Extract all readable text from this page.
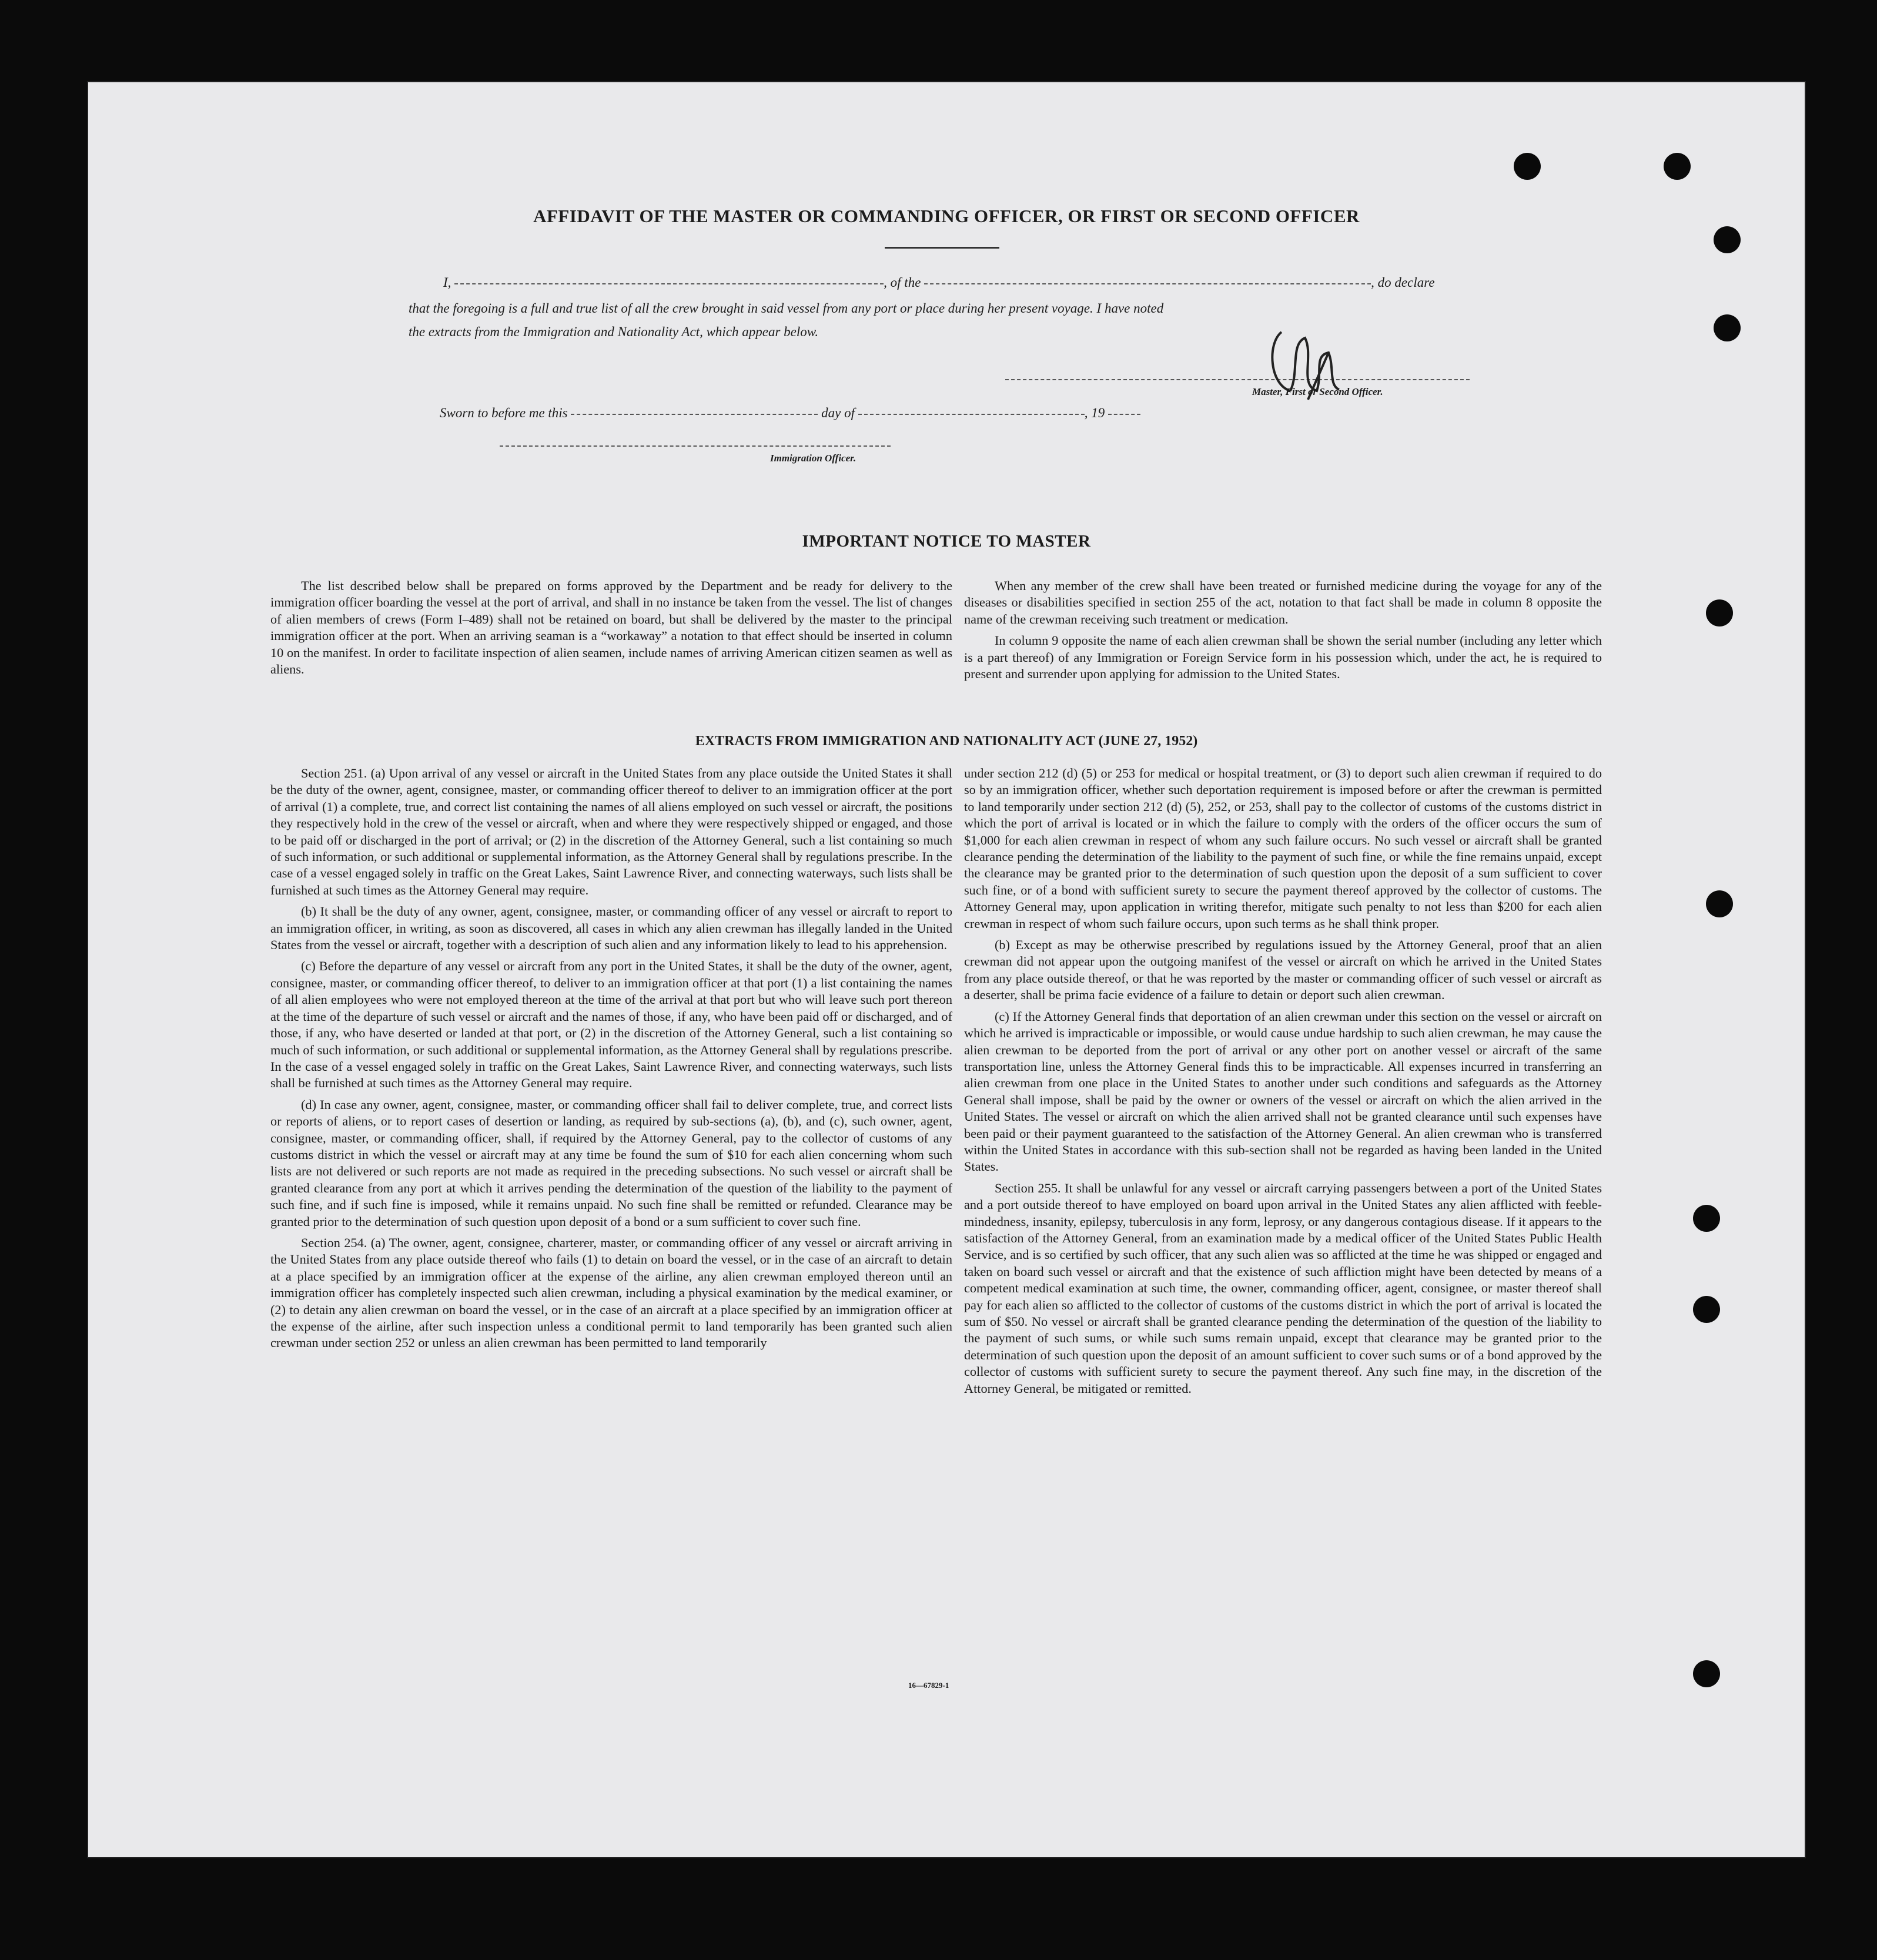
AFFIDAVIT OF THE MASTER OR COMMANDING OFFICER, OR FIRST OR SECOND OFFICER
I,	, of the	, do declare
that the foregoing is a full and true list of all the crew brought in said vessel from any port or place during her present voyage. I have noted
the extracts from the Immigration and Nationality Act, which appear below.
Master, First or Second Officer.
Sworn to before me this	day of	, 19
Immigration Officer.
IMPORTANT NOTICE TO MASTER

The list described below shall be prepared on forms approved by the Department and be ready for delivery to the immigration officer boarding the vessel at the port of arrival, and shall in no instance be taken from the vessel. The list of changes of alien members of crews (Form I–489) shall not be retained on board, but shall be delivered by the master to the principal immigration officer at the port. When an arriving seaman is a “workaway” a notation to that effect should be inserted in column 10 on the manifest. In order to facilitate inspection of alien seamen, include names of arriving American citizen seamen as well as aliens.

When any member of the crew shall have been treated or furnished medicine during the voyage for any of the diseases or disabilities specified in section 255 of the act, notation to that fact shall be made in column 8 opposite the name of the crewman receiving such treatment or medication.

In column 9 opposite the name of each alien crewman shall be shown the serial number (including any letter which is a part thereof) of any Immigration or Foreign Service form in his possession which, under the act, he is required to present and surrender upon applying for admission to the United States.

EXTRACTS FROM IMMIGRATION AND NATIONALITY ACT (JUNE 27, 1952)

Section 251. (a) Upon arrival of any vessel or aircraft in the United States from any place outside the United States it shall be the duty of the owner, agent, consignee, master, or commanding officer thereof to deliver to an immigration officer at the port of arrival (1) a complete, true, and correct list containing the names of all aliens employed on such vessel or aircraft, the positions they respectively hold in the crew of the vessel or aircraft, when and where they were respectively shipped or engaged, and those to be paid off or discharged in the port of arrival; or (2) in the discretion of the Attorney General, such a list containing so much of such information, or such additional or supplemental information, as the Attorney General shall by regulations prescribe. In the case of a vessel engaged solely in traffic on the Great Lakes, Saint Lawrence River, and connecting waterways, such lists shall be furnished at such times as the Attorney General may require.

(b) It shall be the duty of any owner, agent, consignee, master, or commanding officer of any vessel or aircraft to report to an immigration officer, in writing, as soon as discovered, all cases in which any alien crewman has illegally landed in the United States from the vessel or aircraft, together with a description of such alien and any information likely to lead to his apprehension.

(c) Before the departure of any vessel or aircraft from any port in the United States, it shall be the duty of the owner, agent, consignee, master, or commanding officer thereof, to deliver to an immigration officer at that port (1) a list containing the names of all alien employees who were not employed thereon at the time of the arrival at that port but who will leave such port thereon at the time of the departure of such vessel or aircraft and the names of those, if any, who have been paid off or discharged, and of those, if any, who have deserted or landed at that port, or (2) in the discretion of the Attorney General, such a list containing so much of such information, or such additional or supplemental information, as the Attorney General shall by regulations prescribe. In the case of a vessel engaged solely in traffic on the Great Lakes, Saint Lawrence River, and connecting waterways, such lists shall be furnished at such times as the Attorney General may require.

(d) In case any owner, agent, consignee, master, or commanding officer shall fail to deliver complete, true, and correct lists or reports of aliens, or to report cases of desertion or landing, as required by sub-sections (a), (b), and (c), such owner, agent, consignee, master, or commanding officer, shall, if required by the Attorney General, pay to the collector of customs of any customs district in which the vessel or aircraft may at any time be found the sum of $10 for each alien concerning whom such lists are not delivered or such reports are not made as required in the preceding subsections. No such vessel or aircraft shall be granted clearance from any port at which it arrives pending the determination of the question of the liability to the payment of such fine, and if such fine is imposed, while it remains unpaid. No such fine shall be remitted or refunded. Clearance may be granted prior to the determination of such question upon deposit of a bond or a sum sufficient to cover such fine.

Section 254. (a) The owner, agent, consignee, charterer, master, or commanding officer of any vessel or aircraft arriving in the United States from any place outside thereof who fails (1) to detain on board the vessel, or in the case of an aircraft to detain at a place specified by an immigration officer at the expense of the airline, any alien crewman employed thereon until an immigration officer has completely inspected such alien crewman, including a physical examination by the medical examiner, or (2) to detain any alien crewman on board the vessel, or in the case of an aircraft at a place specified by an immigration officer at the expense of the airline, after such inspection unless a conditional permit to land temporarily has been granted such alien crewman under section 252 or unless an alien crewman has been permitted to land temporarily

under section 212 (d) (5) or 253 for medical or hospital treatment, or (3) to deport such alien crewman if required to do so by an immigration officer, whether such deportation requirement is imposed before or after the crewman is permitted to land temporarily under section 212 (d) (5), 252, or 253, shall pay to the collector of customs of the customs district in which the port of arrival is located or in which the failure to comply with the orders of the officer occurs the sum of $1,000 for each alien crewman in respect of whom any such failure occurs. No such vessel or aircraft shall be granted clearance pending the determination of the liability to the payment of such fine, or while the fine remains unpaid, except the clearance may be granted prior to the determination of such question upon the deposit of a sum sufficient to cover such fine, or of a bond with sufficient surety to secure the payment thereof approved by the collector of customs. The Attorney General may, upon application in writing therefor, mitigate such penalty to not less than $200 for each alien crewman in respect of whom such failure occurs, upon such terms as he shall think proper.

(b) Except as may be otherwise prescribed by regulations issued by the Attorney General, proof that an alien crewman did not appear upon the outgoing manifest of the vessel or aircraft on which he arrived in the United States from any place outside thereof, or that he was reported by the master or commanding officer of such vessel or aircraft as a deserter, shall be prima facie evidence of a failure to detain or deport such alien crewman.

(c) If the Attorney General finds that deportation of an alien crewman under this section on the vessel or aircraft on which he arrived is impracticable or impossible, or would cause undue hardship to such alien crewman, he may cause the alien crewman to be deported from the port of arrival or any other port on another vessel or aircraft of the same transportation line, unless the Attorney General finds this to be impracticable. All expenses incurred in transferring an alien crewman from one place in the United States to another under such conditions and safeguards as the Attorney General shall impose, shall be paid by the owner or owners of the vessel or aircraft on which the alien arrived in the United States. The vessel or aircraft on which the alien arrived shall not be granted clearance until such expenses have been paid or their payment guaranteed to the satisfaction of the Attorney General. An alien crewman who is transferred within the United States in accordance with this sub-section shall not be regarded as having been landed in the United States.

Section 255. It shall be unlawful for any vessel or aircraft carrying passengers between a port of the United States and a port outside thereof to have employed on board upon arrival in the United States any alien afflicted with feeble-mindedness, insanity, epilepsy, tuberculosis in any form, leprosy, or any dangerous contagious disease. If it appears to the satisfaction of the Attorney General, from an examination made by a medical officer of the United States Public Health Service, and is so certified by such officer, that any such alien was so afflicted at the time he was shipped or engaged and taken on board such vessel or aircraft and that the existence of such affliction might have been detected by means of a competent medical examination at such time, the owner, commanding officer, agent, consignee, or master thereof shall pay for each alien so afflicted to the collector of customs of the customs district in which the port of arrival is located the sum of $50. No vessel or aircraft shall be granted clearance pending the determination of the question of the liability to the payment of such sums, or while such sums remain unpaid, except that clearance may be granted prior to the determination of such question upon the deposit of an amount sufficient to cover such sums or of a bond approved by the collector of customs with sufficient surety to secure the payment thereof. Any such fine may, in the discretion of the Attorney General, be mitigated or remitted.

16—67829-1
